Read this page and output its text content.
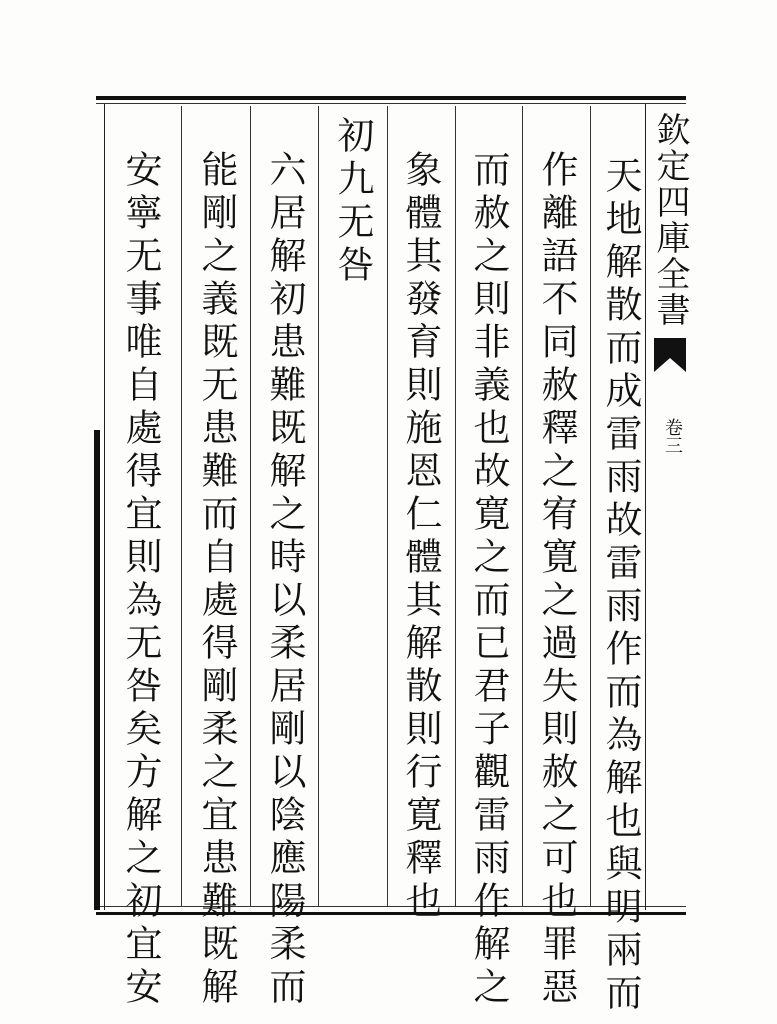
欽定四庫全書
卷三
天地解散而成雷雨故雷雨作而為解也與明兩而
作離語不同赦釋之宥寛之過失則赦之可也罪惡
而赦之則非義也故寛之而已君子觀雷雨作解之
象體其發育則施恩仁體其解散則行寛釋也
初九无咎
六居解初患難既解之時以柔居剛以陰應陽柔而
能剛之義既无患難而自處得剛柔之宜患難既解
安寧无事唯自處得宜則為无咎矣方解之初宜安
